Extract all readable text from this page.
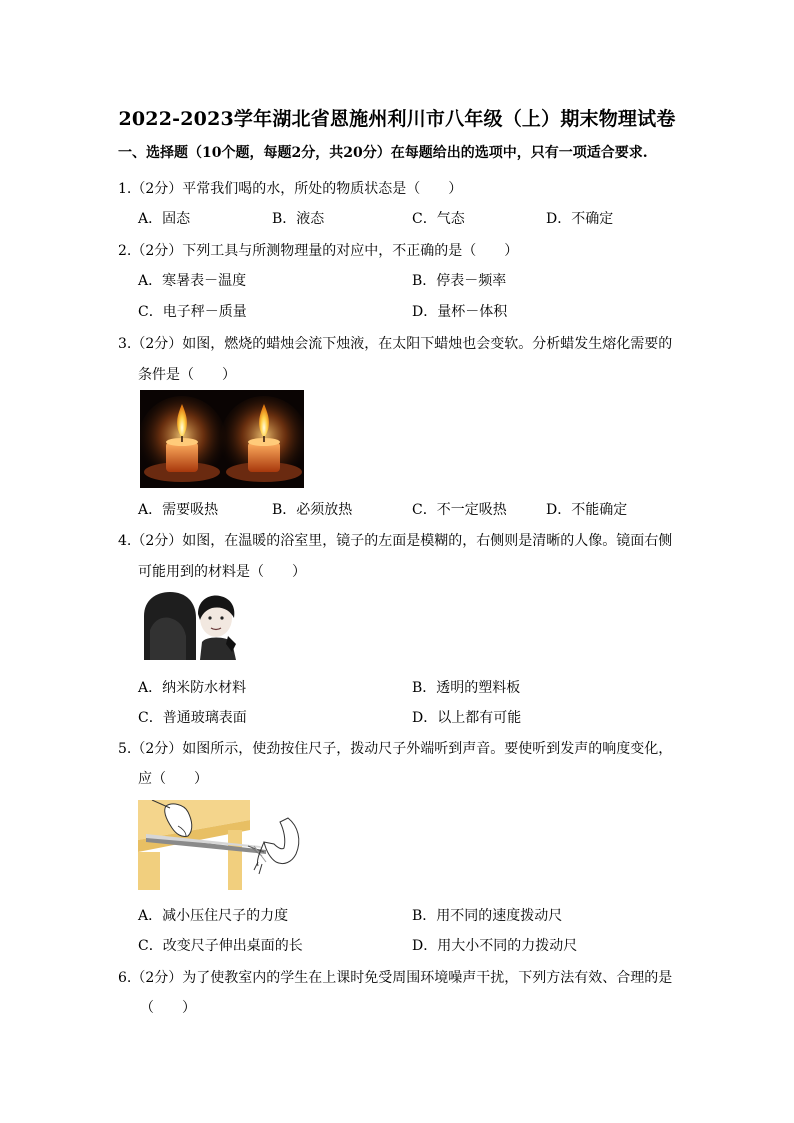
2022-2023学年湖北省恩施州利川市八年级（上）期末物理试卷
一、选择题（10个题，每题2分，共20分）在每题给出的选项中，只有一项适合要求.
1.（2分）平常我们喝的水，所处的物质状态是（　　）
A．固态	B．液态	C．气态	D．不确定
2.（2分）下列工具与所测物理量的对应中，不正确的是（　　）
A．寒暑表－温度	B．停表－频率
C．电子秤－质量	D．量杯－体积
3.（2分）如图，燃烧的蜡烛会流下烛液，在太阳下蜡烛也会变软。分析蜡发生熔化需要的
条件是（　　）
A．需要吸热	B．必须放热	C．不一定吸热	D．不能确定
4.（2分）如图，在温暖的浴室里，镜子的左面是模糊的，右侧则是清晰的人像。镜面右侧
可能用到的材料是（　　）
A．纳米防水材料	B．透明的塑料板
C．普通玻璃表面	D．以上都有可能
5.（2分）如图所示，使劲按住尺子，拨动尺子外端听到声音。要使听到发声的响度变化，
应（　　）
A．减小压住尺子的力度	B．用不同的速度拨动尺
C．改变尺子伸出桌面的长	D．用大小不同的力拨动尺
6.（2分）为了使教室内的学生在上课时免受周围环境噪声干扰，下列方法有效、合理的是
（　　）
